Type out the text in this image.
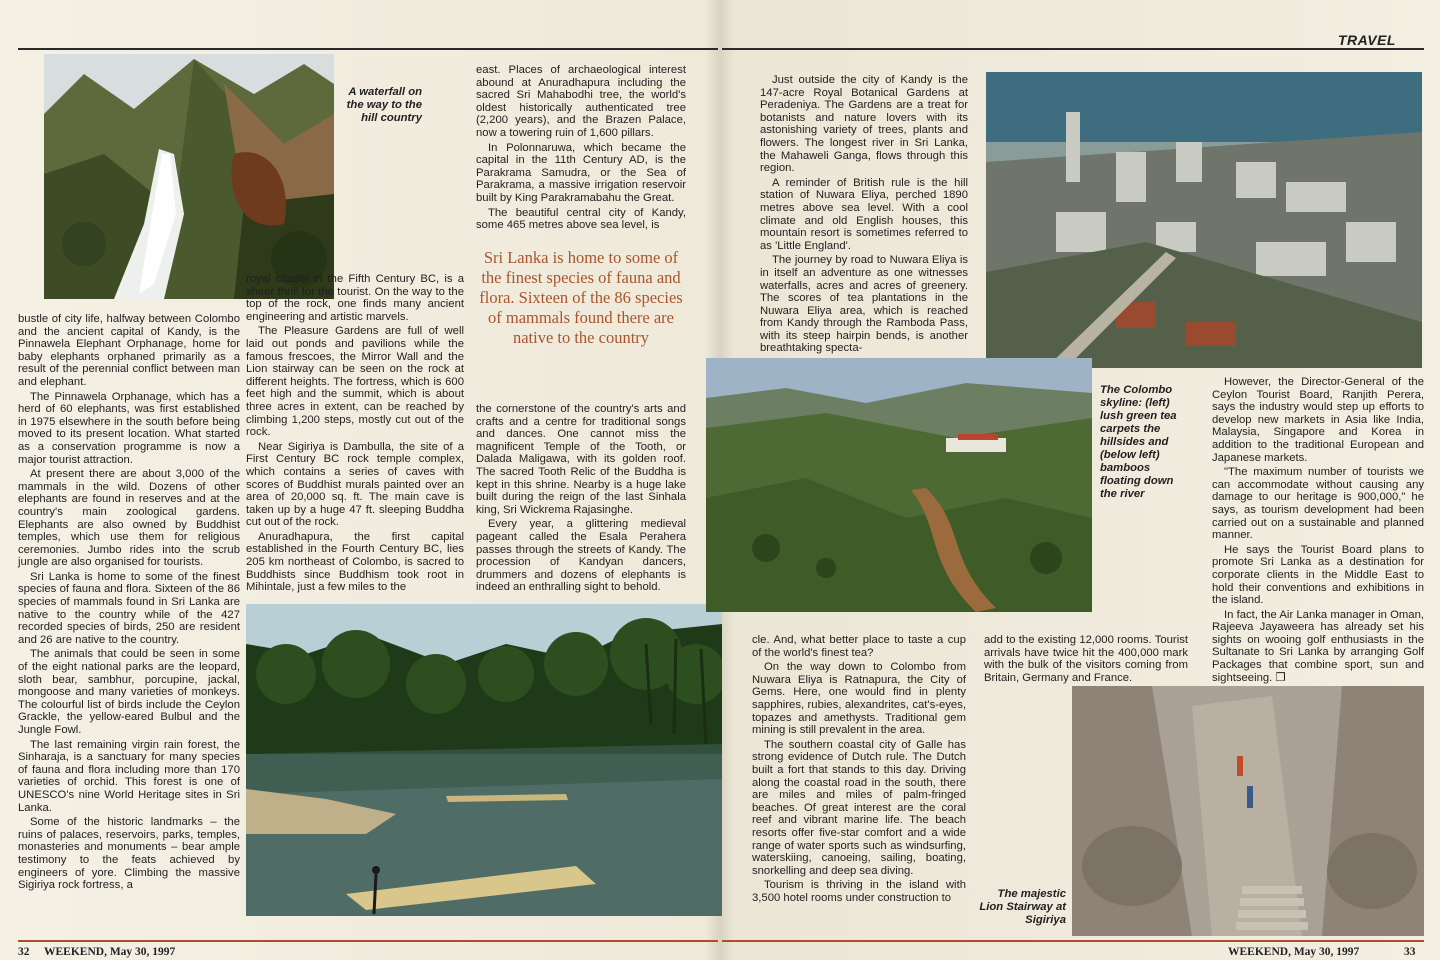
TRAVEL
A waterfall on the way to the hill country

bustle of city life, halfway between Colombo and the ancient capital of Kandy, is the Pinnawela Elephant Orphanage, home for baby elephants orphaned primarily as a result of the perennial conflict between man and elephant.

The Pinnawela Orphanage, which has a herd of 60 elephants, was first established in 1975 elsewhere in the south before being moved to its present location. What started as a conservation programme is now a major tourist attraction.

At present there are about 3,000 of the mammals in the wild. Dozens of other elephants are found in reserves and at the country's main zoological gardens. Elephants are also owned by Buddhist temples, which use them for religious ceremonies. Jumbo rides into the scrub jungle are also organised for tourists.

Sri Lanka is home to some of the finest species of fauna and flora. Sixteen of the 86 species of mammals found in Sri Lanka are native to the country while of the 427 recorded species of birds, 250 are resident and 26 are native to the country.

The animals that could be seen in some of the eight national parks are the leopard, sloth bear, sambhur, porcupine, jackal, mongoose and many varieties of monkeys. The colourful list of birds include the Ceylon Grackle, the yellow-eared Bulbul and the Jungle Fowl.

The last remaining virgin rain forest, the Sinharaja, is a sanctuary for many species of fauna and flora including more than 170 varieties of orchid. This forest is one of UNESCO's nine World Heritage sites in Sri Lanka.

Some of the historic landmarks – the ruins of palaces, reservoirs, parks, temples, monasteries and monuments – bear ample testimony to the feats achieved by engineers of yore. Climbing the massive Sigiriya rock fortress, a

royal citadel in the Fifth Century BC, is a sheer thrill for the tourist. On the way to the top of the rock, one finds many ancient engineering and artistic marvels.

The Pleasure Gardens are full of well laid out ponds and pavilions while the famous frescoes, the Mirror Wall and the Lion stairway can be seen on the rock at different heights. The fortress, which is 600 feet high and the summit, which is about three acres in extent, can be reached by climbing 1,200 steps, mostly cut out of the rock.

Near Sigiriya is Dambulla, the site of a First Century BC rock temple complex, which contains a series of caves with scores of Buddhist murals painted over an area of 20,000 sq. ft. The main cave is taken up by a huge 47 ft. sleeping Buddha cut out of the rock.

Anuradhapura, the first capital established in the Fourth Century BC, lies 205 km northeast of Colombo, is sacred to Buddhists since Buddhism took root in Mihintale, just a few miles to the

east. Places of archaeological interest abound at Anuradhapura including the sacred Sri Mahabodhi tree, the world's oldest historically authenticated tree (2,200 years), and the Brazen Palace, now a towering ruin of 1,600 pillars.

In Polonnaruwa, which became the capital in the 11th Century AD, is the Parakrama Samudra, or the Sea of Parakrama, a massive irrigation reservoir built by King Parakramabahu the Great.

The beautiful central city of Kandy, some 465 metres above sea level, is

Sri Lanka is home to some of the finest species of fauna and flora. Sixteen of the 86 species of mammals found there are native to the country

the cornerstone of the country's arts and crafts and a centre for traditional songs and dances. One cannot miss the magnificent Temple of the Tooth, or Dalada Maligawa, with its golden roof. The sacred Tooth Relic of the Buddha is kept in this shrine. Nearby is a huge lake built during the reign of the last Sinhala king, Sri Wickrema Rajasinghe.

Every year, a glittering medieval pageant called the Esala Perahera passes through the streets of Kandy. The procession of Kandyan dancers, drummers and dozens of elephants is indeed an enthralling sight to behold.

The Colombo skyline: (left) lush green tea carpets the hillsides and (below left) bamboos floating down the river

Just outside the city of Kandy is the 147-acre Royal Botanical Gardens at Peradeniya. The Gardens are a treat for botanists and nature lovers with its astonishing variety of trees, plants and flowers. The longest river in Sri Lanka, the Mahaweli Ganga, flows through this region.

A reminder of British rule is the hill station of Nuwara Eliya, perched 1890 metres above sea level. With a cool climate and old English houses, this mountain resort is sometimes referred to as 'Little England'.

The journey by road to Nuwara Eliya is in itself an adventure as one witnesses waterfalls, acres and acres of greenery. The scores of tea plantations in the Nuwara Eliya area, which is reached from Kandy through the Ramboda Pass, with its steep hairpin bends, is another breathtaking specta-

cle. And, what better place to taste a cup of the world's finest tea?

On the way down to Colombo from Nuwara Eliya is Ratnapura, the City of Gems. Here, one would find in plenty sapphires, rubies, alexandrites, cat's-eyes, topazes and amethysts. Traditional gem mining is still prevalent in the area.

The southern coastal city of Galle has strong evidence of Dutch rule. The Dutch built a fort that stands to this day. Driving along the coastal road in the south, there are miles and miles of palm-fringed beaches. Of great interest are the coral reef and vibrant marine life. The beach resorts offer five-star comfort and a wide range of water sports such as windsurfing, waterskiing, canoeing, sailing, boating, snorkelling and deep sea diving.

Tourism is thriving in the island with 3,500 hotel rooms under construction to

add to the existing 12,000 rooms. Tourist arrivals have twice hit the 400,000 mark with the bulk of the visitors coming from Britain, Germany and France.

However, the Director-General of the Ceylon Tourist Board, Ranjith Perera, says the industry would step up efforts to develop new markets in Asia like India, Malaysia, Singapore and Korea in addition to the traditional European and Japanese markets.

"The maximum number of tourists we can accommodate without causing any damage to our heritage is 900,000," he says, as tourism development had been carried out on a sustainable and planned manner.

He says the Tourist Board plans to promote Sri Lanka as a destination for corporate clients in the Middle East to hold their conventions and exhibitions in the island.

In fact, the Air Lanka manager in Oman, Rajeeva Jayaweera has already set his sights on wooing golf enthusiasts in the Sultanate to Sri Lanka by arranging Golf Packages that combine sport, sun and sightseeing. ❐

The majestic Lion Stairway at Sigiriya
32 WEEKEND, May 30, 1997	WEEKEND, May 30, 1997	33
